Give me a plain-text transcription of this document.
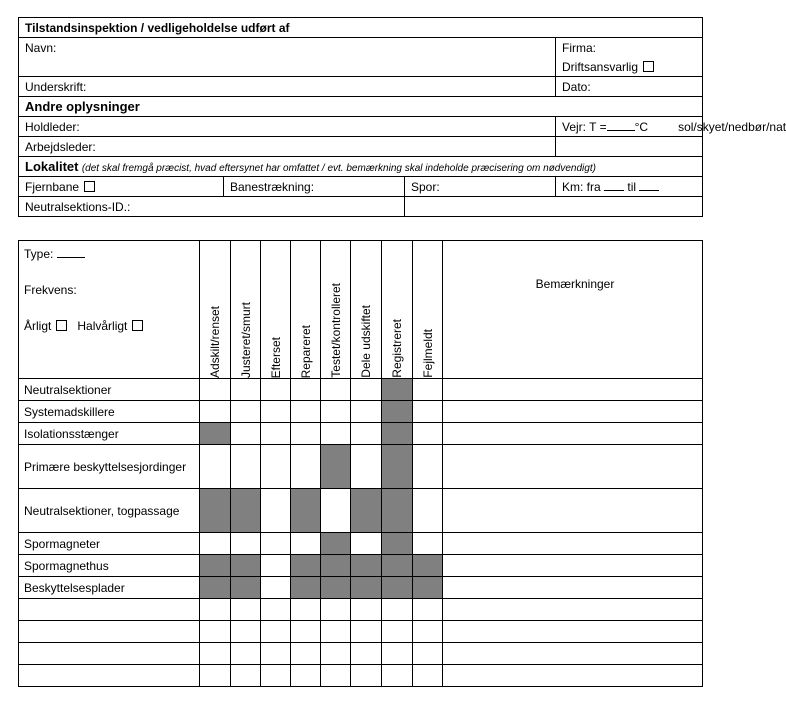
Tilstandsinspektion / vedligeholdelse udført af			
Navn:			Firma:
			Driftsansvarlig
Underskrift:			Dato:
Andre oplysninger			
Holdleder:			Vejr: T = °C sol/skyet/nedbør/nat
Arbejdsleder:			
Lokalitet (det skal fremgå præcist, hvad eftersynet har omfattet / evt. bemærkning skal indeholde præcisering om nødvendigt)			
Fjernbane	Banestrækning:	Spor:	Km: fra til
Neutralsektions-ID.:			
Type:
Frekvens:
Årligt Halvårligt	Adskilt/renset	Justeret/smurt	Efterset	Repareret	Testet/kontrolleret	Dele udskiftet	Registreret	Fejlmeldt	Bemærkninger
Neutralsektioner									
Systemadskillere									
Isolationsstænger									
Primære beskyttelsesjordinger									
Neutralsektioner, togpassage									
Spormagneter									
Spormagnethus									
Beskyttelsesplader									
